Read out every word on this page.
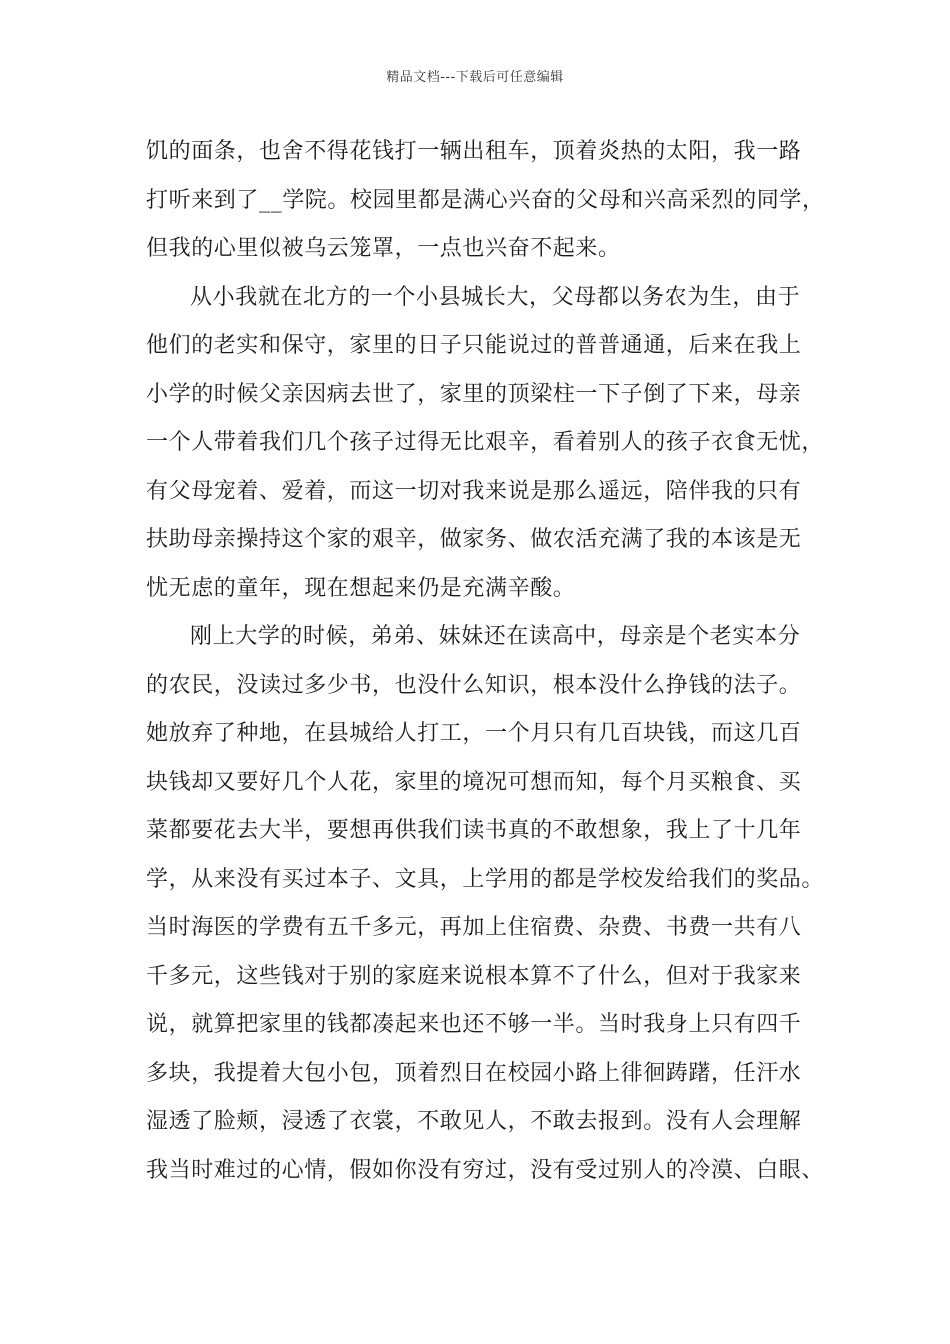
精品文档---下载后可任意编辑
饥的面条，也舍不得花钱打一辆出租车，顶着炎热的太阳，我一路
打听来到了__学院。校园里都是满心兴奋的父母和兴高采烈的同学，
但我的心里似被乌云笼罩，一点也兴奋不起来。
从小我就在北方的一个小县城长大，父母都以务农为生，由于
他们的老实和保守，家里的日子只能说过的普普通通，后来在我上
小学的时候父亲因病去世了，家里的顶梁柱一下子倒了下来，母亲
一个人带着我们几个孩子过得无比艰辛，看着别人的孩子衣食无忧，
有父母宠着、爱着，而这一切对我来说是那么遥远，陪伴我的只有
扶助母亲操持这个家的艰辛，做家务、做农活充满了我的本该是无
忧无虑的童年，现在想起来仍是充满辛酸。
刚上大学的时候，弟弟、妹妹还在读高中，母亲是个老实本分
的农民，没读过多少书，也没什么知识，根本没什么挣钱的法子。
她放弃了种地，在县城给人打工，一个月只有几百块钱，而这几百
块钱却又要好几个人花，家里的境况可想而知，每个月买粮食、买
菜都要花去大半，要想再供我们读书真的不敢想象，我上了十几年
学，从来没有买过本子、文具，上学用的都是学校发给我们的奖品。
当时海医的学费有五千多元，再加上住宿费、杂费、书费一共有八
千多元，这些钱对于别的家庭来说根本算不了什么，但对于我家来
说，就算把家里的钱都凑起来也还不够一半。当时我身上只有四千
多块，我提着大包小包，顶着烈日在校园小路上徘徊踌躇，任汗水
湿透了脸颊，浸透了衣裳，不敢见人，不敢去报到。没有人会理解
我当时难过的心情，假如你没有穷过，没有受过别人的冷漠、白眼、
